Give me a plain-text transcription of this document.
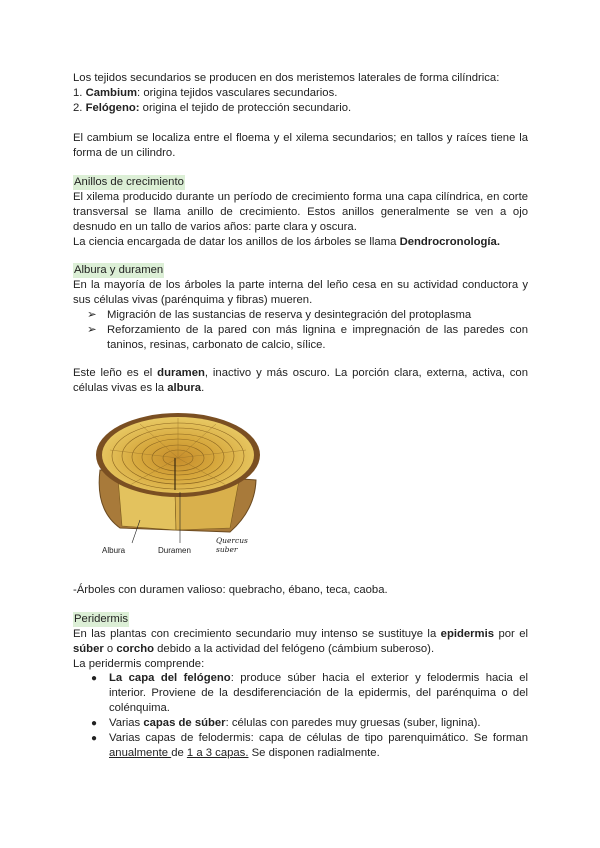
Los tejidos secundarios se producen en dos meristemos laterales de forma cilíndrica:

1. Cambium: origina tejidos vasculares secundarios.

2. Felógeno: origina el tejido de protección secundario.

El cambium se localiza entre el floema y el xilema secundarios; en tallos y raíces tiene la forma de un cilindro.

Anillos de crecimiento

El xilema producido durante un período de crecimiento forma una capa cilíndrica, en corte transversal se llama anillo de crecimiento. Estos anillos generalmente se ven a ojo desnudo en un tallo de varios años: parte clara y oscura.

La ciencia encargada de datar los anillos de los árboles se llama Dendrocronología.

Albura y duramen

En la mayoría de los árboles la parte interna del leño cesa en su actividad conductora y sus células vivas (parénquima y fibras) mueren.

➢ Migración de las sustancias de reserva y desintegración del protoplasma
➢ Reforzamiento de la pared con más lignina e impregnación de las paredes con taninos, resinas, carbonato de calcio, sílice.

Este leño es el duramen, inactivo y más oscuro. La porción clara, externa, activa, con células vivas es la albura.

Albura	Duramen
Quercus suber

-Árboles con duramen valioso: quebracho, ébano, teca, caoba.

Peridermis

En las plantas con crecimiento secundario muy intenso se sustituye la epidermis por el súber o corcho debido a la actividad del felógeno (cámbium suberoso).

La peridermis comprende:

● La capa del felógeno: produce súber hacia el exterior y felodermis hacia el interior. Proviene de la desdiferenciación de la epidermis, del parénquima o del colénquima.
● Varias capas de súber: células con paredes muy gruesas (suber, lignina).
● Varias capas de felodermis: capa de células de tipo parenquimático. Se forman anualmente de 1 a 3 capas. Se disponen radialmente.
